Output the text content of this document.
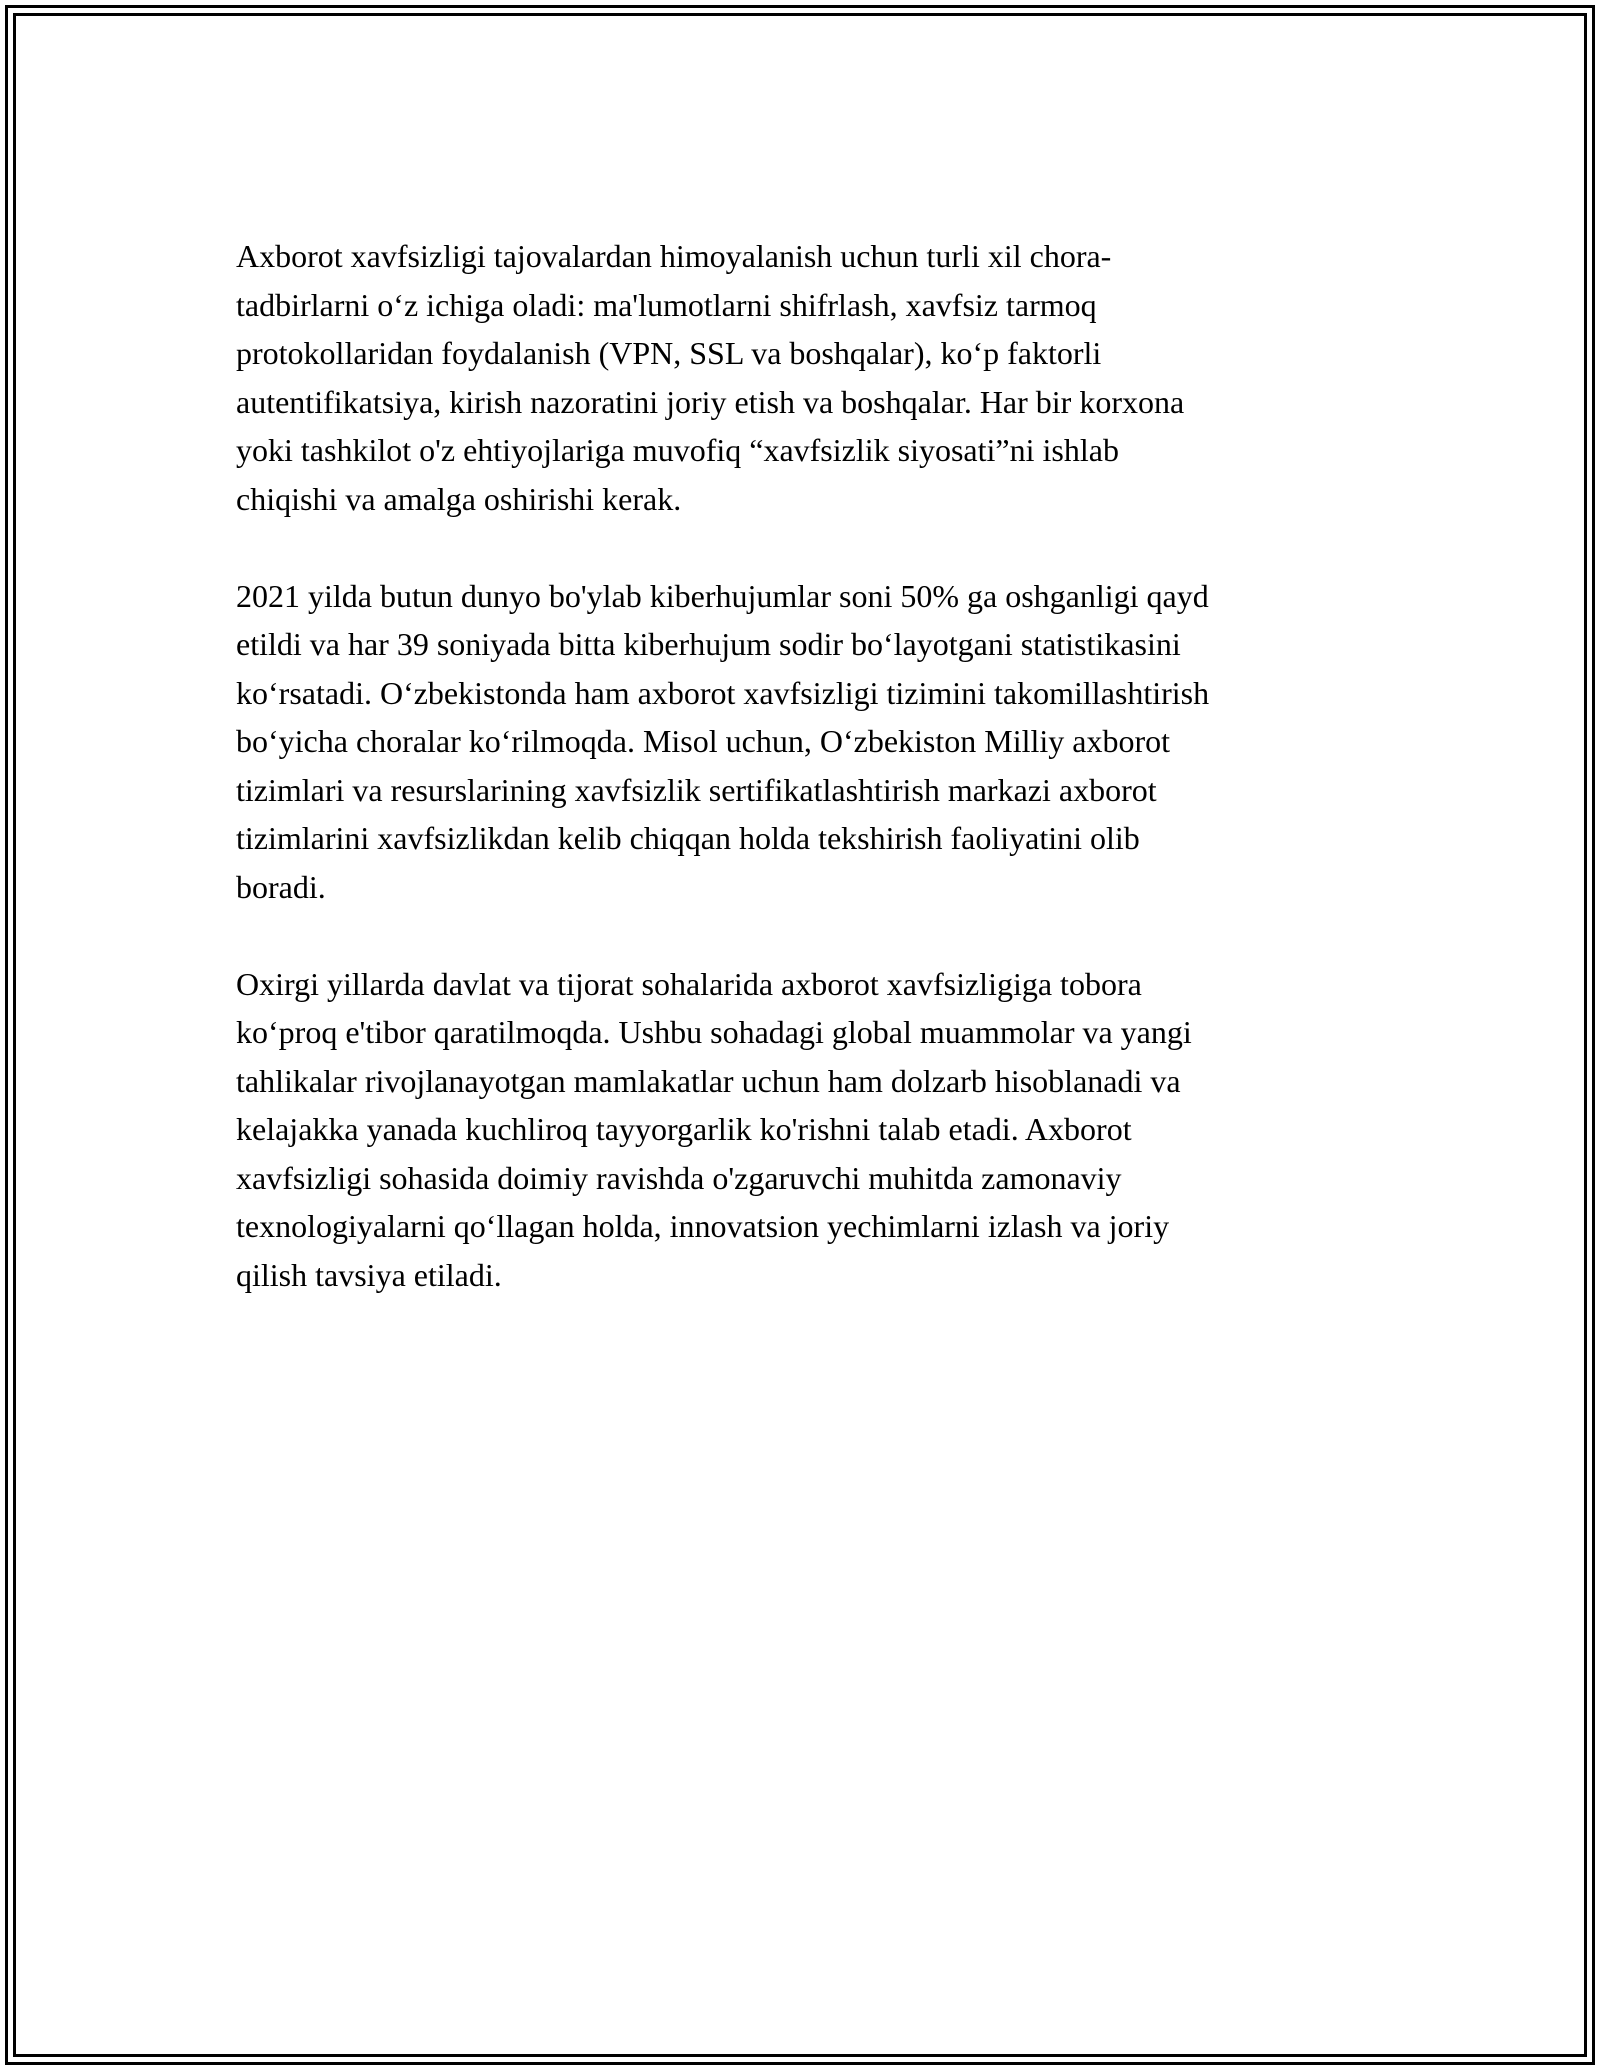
Axborot xavfsizligi tajovalardan himoyalanish uchun turli xil chora-
tadbirlarni o‘z ichiga oladi: ma'lumotlarni shifrlash, xavfsiz tarmoq
protokollaridan foydalanish (VPN, SSL va boshqalar), ko‘p faktorli
autentifikatsiya, kirish nazoratini joriy etish va boshqalar. Har bir korxona
yoki tashkilot o'z ehtiyojlariga muvofiq “xavfsizlik siyosati”ni ishlab
chiqishi va amalga oshirishi kerak.

2021 yilda butun dunyo bo'ylab kiberhujumlar soni 50% ga oshganligi qayd
etildi va har 39 soniyada bitta kiberhujum sodir bo‘layotgani statistikasini
ko‘rsatadi. O‘zbekistonda ham axborot xavfsizligi tizimini takomillashtirish
bo‘yicha choralar ko‘rilmoqda. Misol uchun, O‘zbekiston Milliy axborot
tizimlari va resurslarining xavfsizlik sertifikatlashtirish markazi axborot
tizimlarini xavfsizlikdan kelib chiqqan holda tekshirish faoliyatini olib
boradi.

Oxirgi yillarda davlat va tijorat sohalarida axborot xavfsizligiga tobora
ko‘proq e'tibor qaratilmoqda. Ushbu sohadagi global muammolar va yangi
tahlikalar rivojlanayotgan mamlakatlar uchun ham dolzarb hisoblanadi va
kelajakka yanada kuchliroq tayyorgarlik ko'rishni talab etadi. Axborot
xavfsizligi sohasida doimiy ravishda o'zgaruvchi muhitda zamonaviy
texnologiyalarni qo‘llagan holda, innovatsion yechimlarni izlash va joriy
qilish tavsiya etiladi.
